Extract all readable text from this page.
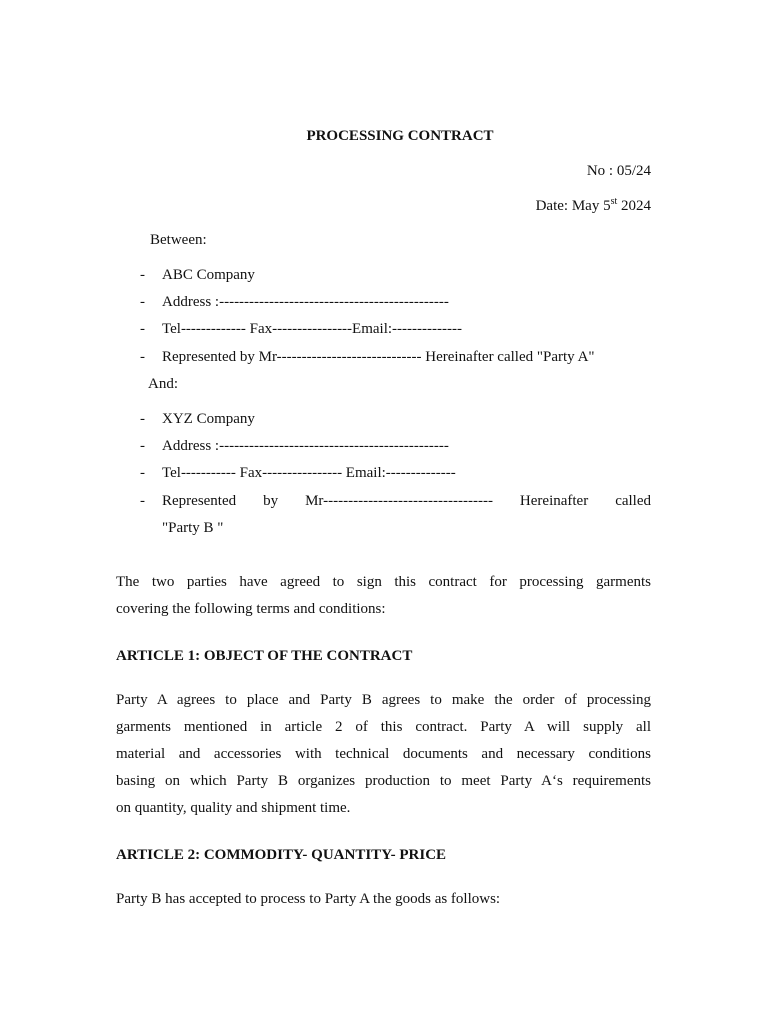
PROCESSING CONTRACT
No : 05/24
Date: May 5st 2024
Between:
- ABC Company
- Address :----------------------------------------------
- Tel------------- Fax----------------Email:--------------
- Represented by Mr----------------------------- Hereinafter called "Party A"
And:
- XYZ Company
- Address :----------------------------------------------
- Tel----------- Fax---------------- Email:--------------
- Represented by Mr---------------------------------- Hereinafter called
"Party B "
The two parties have agreed to sign this contract for processing garments
covering the following terms and conditions:
ARTICLE 1: OBJECT OF THE CONTRACT
Party A agrees to place and Party B agrees to make the order of processing
garments mentioned in article 2 of this contract. Party A will supply all
material and accessories with technical documents and necessary conditions
basing on which Party B organizes production to meet Party A‘s requirements
on quantity, quality and shipment time.
ARTICLE 2: COMMODITY- QUANTITY- PRICE
Party B has accepted to process to Party A the goods as follows:
